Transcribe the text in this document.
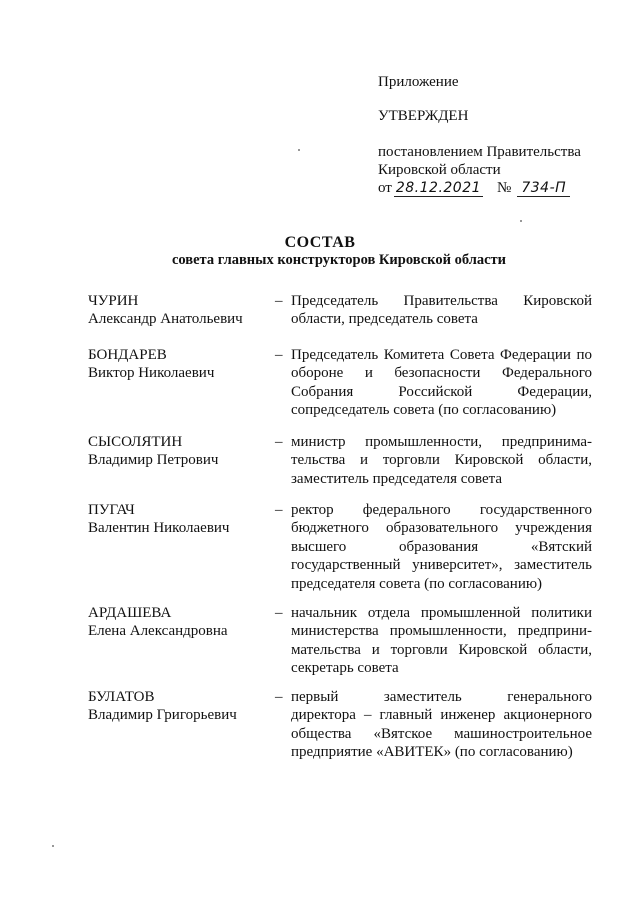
Приложение
УТВЕРЖДЕН
постановлением Правительства
Кировской области
от 28.12.2021 № 734-П
СОСТАВ
совета главных конструкторов Кировской области
ЧУРИН
Александр Анатольевич
– Председатель Правительства Кировской
области, председатель совета
БОНДАРЕВ
Виктор Николаевич
– Председатель Комитета Совета Федерации по
обороне и безопасности Федерального
Собрания Российской Федерации,
сопредседатель совета (по согласованию)
СЫСОЛЯТИН
Владимир Петрович
– министр промышленности, предпринима-
тельства и торговли Кировской области,
заместитель председателя совета
ПУГАЧ
Валентин Николаевич
– ректор федерального государственного
бюджетного образовательного учреждения
высшего образования «Вятский
государственный университет», заместитель
председателя совета (по согласованию)
АРДАШЕВА
Елена Александровна
– начальник отдела промышленной политики
министерства промышленности, предприни-
мательства и торговли Кировской области,
секретарь совета
БУЛАТОВ
Владимир Григорьевич
– первый заместитель генерального
директора – главный инженер акционерного
общества «Вятское машиностроительное
предприятие «АВИТЕК» (по согласованию)
